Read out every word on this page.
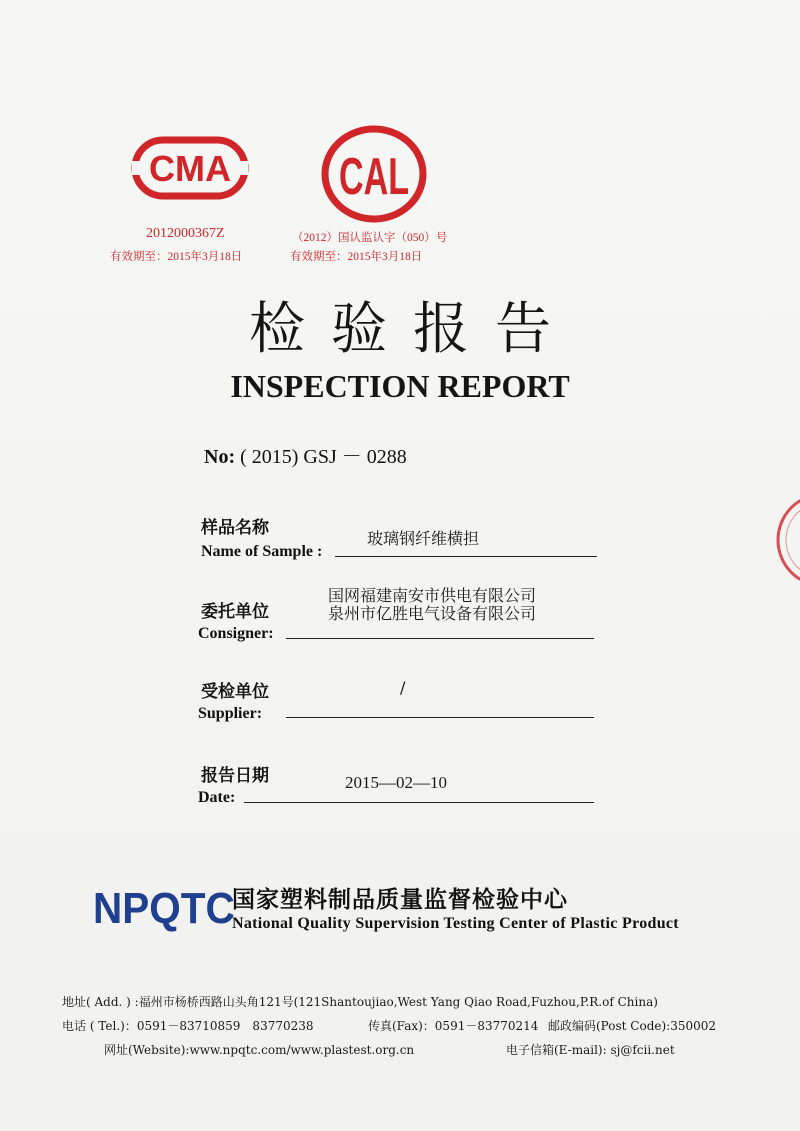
CMA
2012000367Z
有效期至：2015年3月18日
CAL
（2012）国认监认字（050）号
有效期至：2015年3月18日
检验报告
INSPECTION REPORT
No: ( 2015) GSJ － 0288
样品名称
Name of Sample :
玻璃钢纤维横担
委托单位
Consigner:
国网福建南安市供电有限公司
泉州市亿胜电气设备有限公司
受检单位
Supplier:
/
报告日期
Date:
2015—02—10
NPQTC
国家塑料制品质量监督检验中心
National Quality Supervision Testing Center of Plastic Product
地址( Add. ) :福州市杨桥西路山头角121号(121Shantoujiao,West Yang Qiao Road,Fuzhou,P.R.of China)
电话 ( Tel.)：0591－83710859　83770238	传真(Fax)：0591－83770214 邮政编码(Post Code):350002
网址(Website):www.npqtc.com/www.plastest.org.cn	电子信箱(E-mail): sj@fcii.net
